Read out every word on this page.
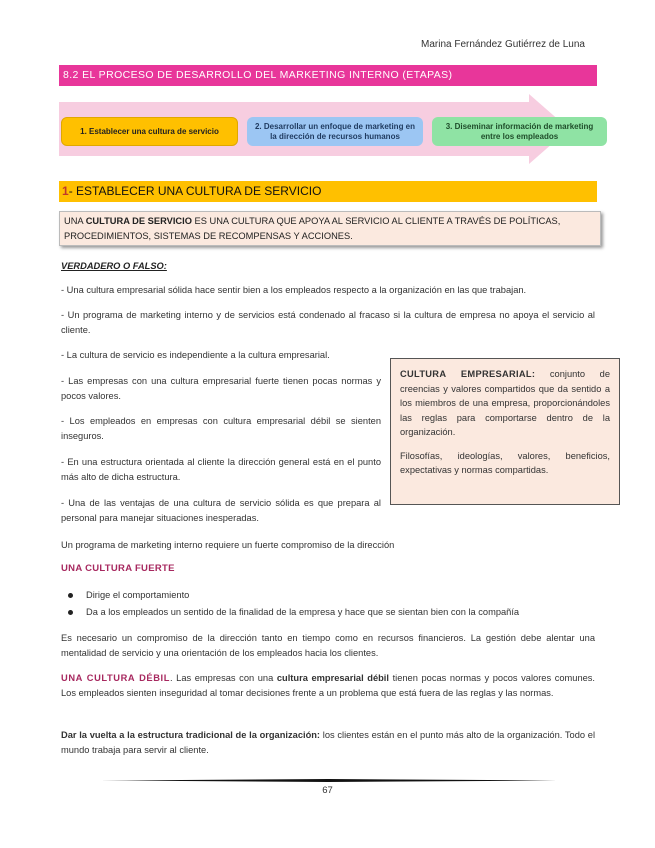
Marina Fernández Gutiérrez de Luna
8.2 EL PROCESO DE DESARROLLO DEL MARKETING INTERNO (ETAPAS)
1. Establecer una cultura de servicio
2. Desarrollar un enfoque de marketing en la dirección de recursos humanos
3. Diseminar información de marketing entre los empleados
1- ESTABLECER UNA CULTURA DE SERVICIO
UNA CULTURA DE SERVICIO ES UNA CULTURA QUE APOYA AL SERVICIO AL CLIENTE A TRAVÉS DE POLÍTICAS, PROCEDIMIENTOS, SISTEMAS DE RECOMPENSAS Y ACCIONES.

VERDADERO O FALSO:

- Una cultura empresarial sólida hace sentir bien a los empleados respecto a la organización en las que trabajan.

- Un programa de marketing interno y de servicios está condenado al fracaso si la cultura de empresa no apoya el servicio al cliente.

- La cultura de servicio es independiente a la cultura empresarial.

- Las empresas con una cultura empresarial fuerte tienen pocas normas y pocos valores.

- Los empleados en empresas con cultura empresarial débil se sienten inseguros.

- En una estructura orientada al cliente la dirección general está en el punto más alto de dicha estructura.

- Una de las ventajas de una cultura de servicio sólida es que prepara al personal para manejar situaciones inesperadas.

CULTURA EMPRESARIAL: conjunto de creencias y valores compartidos que da sentido a los miembros de una empresa, proporcionándoles las reglas para comportarse dentro de la organización.

Filosofías, ideologías, valores, beneficios, expectativas y normas compartidas.

Un programa de marketing interno requiere un fuerte compromiso de la dirección

UNA CULTURA FUERTE
Dirige el comportamiento
Da a los empleados un sentido de la finalidad de la empresa y hace que se sientan bien con la compañía

Es necesario un compromiso de la dirección tanto en tiempo como en recursos financieros. La gestión debe alentar una mentalidad de servicio y una orientación de los empleados hacia los clientes.

UNA CULTURA DÉBIL. Las empresas con una cultura empresarial débil tienen pocas normas y pocos valores comunes. Los empleados sienten inseguridad al tomar decisiones frente a un problema que está fuera de las reglas y las normas.

Dar la vuelta a la estructura tradicional de la organización: los clientes están en el punto más alto de la organización. Todo el mundo trabaja para servir al cliente.

67
